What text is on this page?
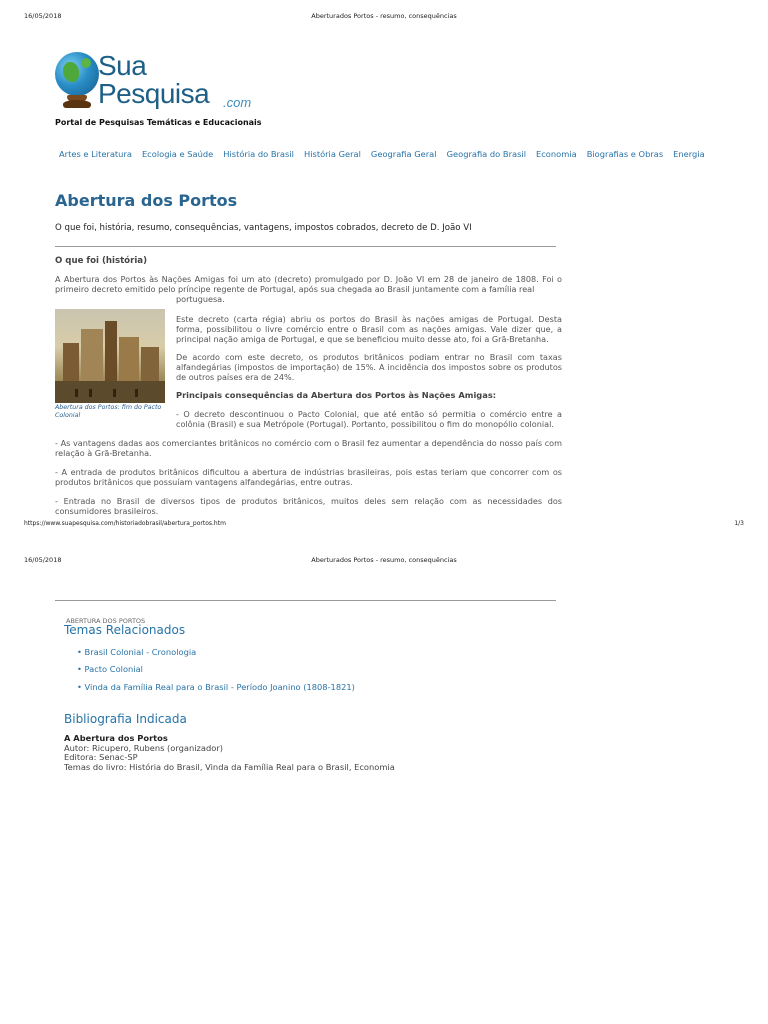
16/05/2018	Aberturados Portos - resumo, consequências
Sua
Pesquisa .com
Portal de Pesquisas Temáticas e Educacionais
Artes e Literatura Ecologia e Saúde História do Brasil História Geral Geografia Geral Geografia do Brasil Economia Biografias e Obras Energia
Abertura dos Portos
O que foi, história, resumo, consequências, vantagens, impostos cobrados, decreto de D. João VI
O que foi (história)
A Abertura dos Portos às Nações Amigas foi um ato (decreto) promulgado por D. João VI em 28 de janeiro de 1808. Foi o primeiro decreto emitido pelo príncipe regente de Portugal, após sua chegada ao Brasil juntamente com a família real
portuguesa.
Abertura dos Portos: fim do Pacto Colonial
Este decreto (carta régia) abriu os portos do Brasil às nações amigas de Portugal. Desta forma, possibilitou o livre comércio entre o Brasil com as nações amigas. Vale dizer que, a principal nação amiga de Portugal, e que se beneficiou muito desse ato, foi a Grã-Bretanha.
De acordo com este decreto, os produtos britânicos podiam entrar no Brasil com taxas alfandegárias (impostos de importação) de 15%. A incidência dos impostos sobre os produtos de outros países era de 24%.
Principais consequências da Abertura dos Portos às Nações Amigas:
- O decreto descontinuou o Pacto Colonial, que até então só permitia o comércio entre a colônia (Brasil) e sua Metrópole (Portugal). Portanto, possibilitou o fim do monopólio colonial.
- As vantagens dadas aos comerciantes britânicos no comércio com o Brasil fez aumentar a dependência do nosso país com relação à Grã-Bretanha.
- A entrada de produtos britânicos dificultou a abertura de indústrias brasileiras, pois estas teriam que concorrer com os produtos britânicos que possuíam vantagens alfandegárias, entre outras.
- Entrada no Brasil de diversos tipos de produtos britânicos, muitos deles sem relação com as necessidades dos consumidores brasileiros.
https://www.suapesquisa.com/historiadobrasil/abertura_portos.htm	1/3
16/05/2018	Aberturados Portos - resumo, consequências
ABERTURA DOS PORTOS
Temas Relacionados
• Brasil Colonial - Cronologia
• Pacto Colonial
• Vinda da Família Real para o Brasil - Período Joanino (1808-1821)
Bibliografia Indicada
A Abertura dos Portos
Autor: Ricupero, Rubens (organizador)
Editora: Senac-SP
Temas do livro: História do Brasil, Vinda da Família Real para o Brasil, Economia
